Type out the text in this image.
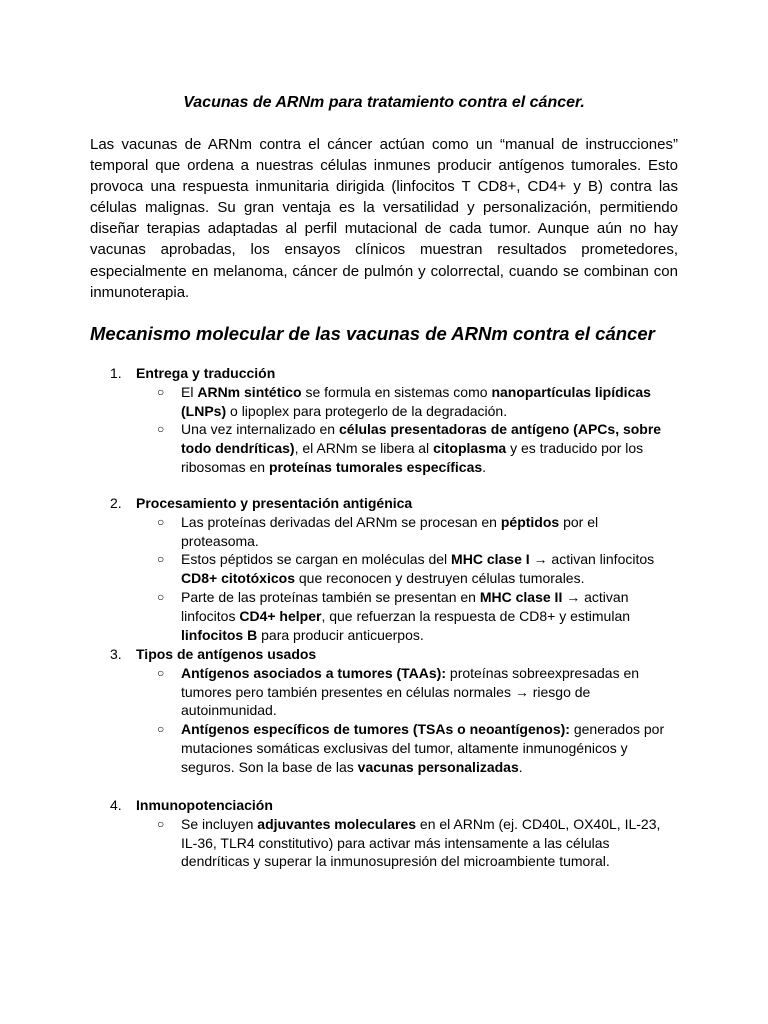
Vacunas de ARNm para tratamiento contra el cáncer.

Las vacunas de ARNm contra el cáncer actúan como un “manual de instrucciones” temporal que ordena a nuestras células inmunes producir antígenos tumorales. Esto provoca una respuesta inmunitaria dirigida (linfocitos T CD8+, CD4+ y B) contra las células malignas. Su gran ventaja es la versatilidad y personalización, permitiendo diseñar terapias adaptadas al perfil mutacional de cada tumor. Aunque aún no hay vacunas aprobadas, los ensayos clínicos muestran resultados prometedores, especialmente en melanoma, cáncer de pulmón y colorrectal, cuando se combinan con inmunoterapia.

Mecanismo molecular de las vacunas de ARNm contra el cáncer
1. Entrega y traducción
○ El ARNm sintético se formula en sistemas como nanopartículas lipídicas (LNPs) o lipoplex para protegerlo de la degradación.
○ Una vez internalizado en células presentadoras de antígeno (APCs, sobre todo dendríticas), el ARNm se libera al citoplasma y es traducido por los ribosomas en proteínas tumorales específicas.
2. Procesamiento y presentación antigénica
○ Las proteínas derivadas del ARNm se procesan en péptidos por el proteasoma.
○ Estos péptidos se cargan en moléculas del MHC clase I → activan linfocitos CD8+ citotóxicos que reconocen y destruyen células tumorales.
○ Parte de las proteínas también se presentan en MHC clase II → activan linfocitos CD4+ helper, que refuerzan la respuesta de CD8+ y estimulan linfocitos B para producir anticuerpos.
3. Tipos de antígenos usados
○ Antígenos asociados a tumores (TAAs): proteínas sobreexpresadas en tumores pero también presentes en células normales → riesgo de autoinmunidad.
○ Antígenos específicos de tumores (TSAs o neoantígenos): generados por mutaciones somáticas exclusivas del tumor, altamente inmunogénicos y seguros. Son la base de las vacunas personalizadas.
4. Inmunopotenciación
○ Se incluyen adjuvantes moleculares en el ARNm (ej. CD40L, OX40L, IL-23, IL-36, TLR4 constitutivo) para activar más intensamente a las células dendríticas y superar la inmunosupresión del microambiente tumoral.
